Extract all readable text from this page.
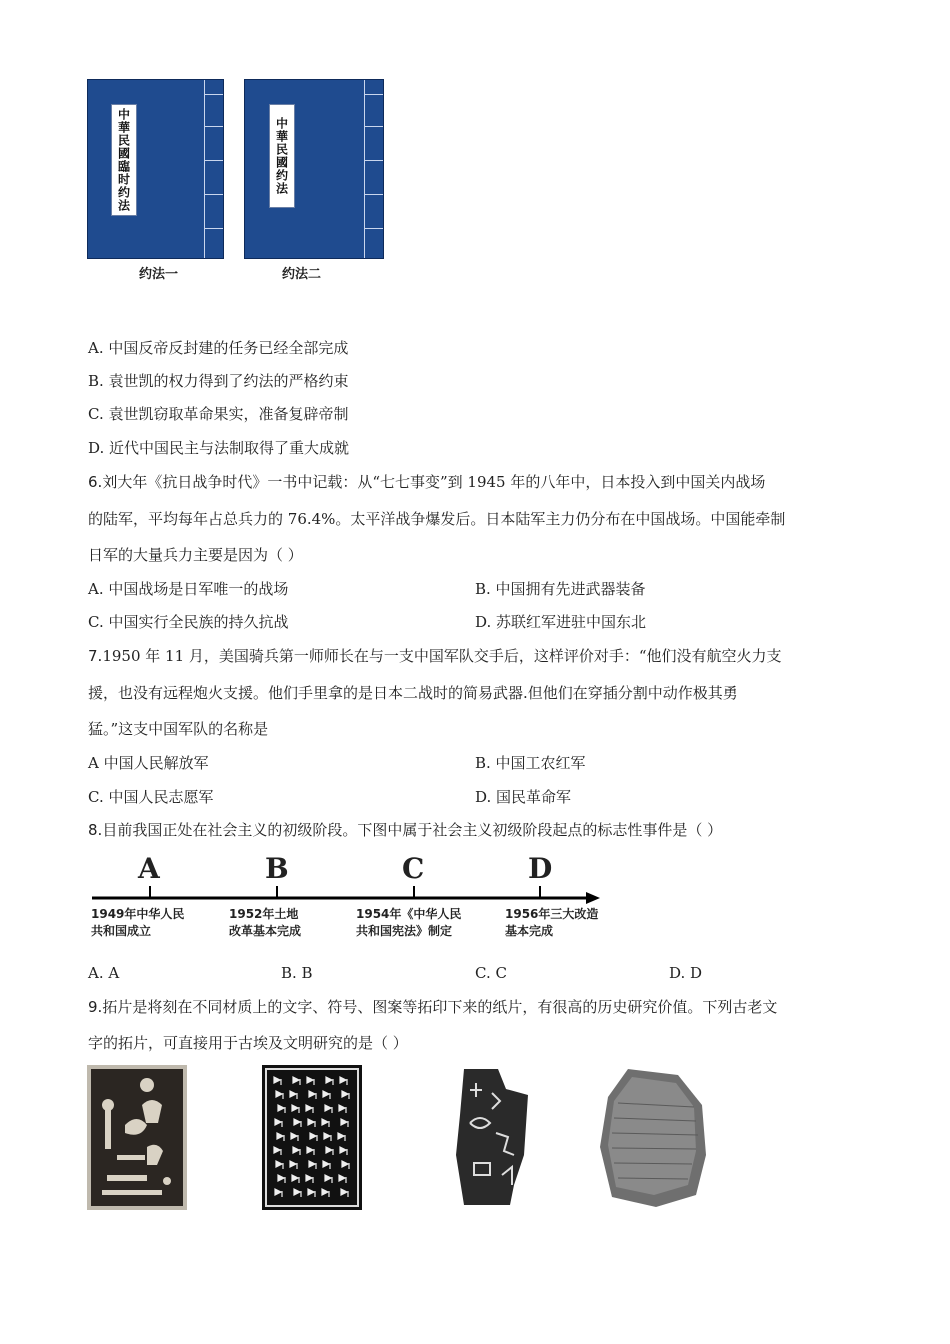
中華民國臨时约法	中華民國约法
约法一	约法二
A. 中国反帝反封建的任务已经全部完成
B. 袁世凯的权力得到了约法的严格约束
C. 袁世凯窃取革命果实，准备复辟帝制
D. 近代中国民主与法制取得了重大成就
6.刘大年《抗日战争时代》一书中记载：从“七七事变”到 1945 年的八年中，日本投入到中国关内战场
的陆军，平均每年占总兵力的 76.4%。太平洋战争爆发后。日本陆军主力仍分布在中国战场。中国能牵制
日军的大量兵力主要是因为（ ）
A. 中国战场是日军唯一的战场	B. 中国拥有先进武器装备
C. 中国实行全民族的持久抗战	D. 苏联红军进驻中国东北
7.1950 年 11 月，美国骑兵第一师师长在与一支中国军队交手后，这样评价对手：“他们没有航空火力支
援，也没有远程炮火支援。他们手里拿的是日本二战时的简易武器.但他们在穿插分割中动作极其勇
猛。”这支中国军队的名称是
A 中国人民解放军	B. 中国工农红军
C. 中国人民志愿军	D. 国民革命军
8.目前我国正处在社会主义的初级阶段。下图中属于社会主义初级阶段起点的标志性事件是（ ）
A	B	C	D
1949年中华人民
共和国成立
1952年土地
改革基本完成
1954年《中华人民
共和国宪法》制定
1956年三大改造
基本完成
A. A	B. B	C. C	D. D
9.拓片是将刻在不同材质上的文字、符号、图案等拓印下来的纸片，有很高的历史研究价值。下列古老文
字的拓片，可直接用于古埃及文明研究的是（ ）
